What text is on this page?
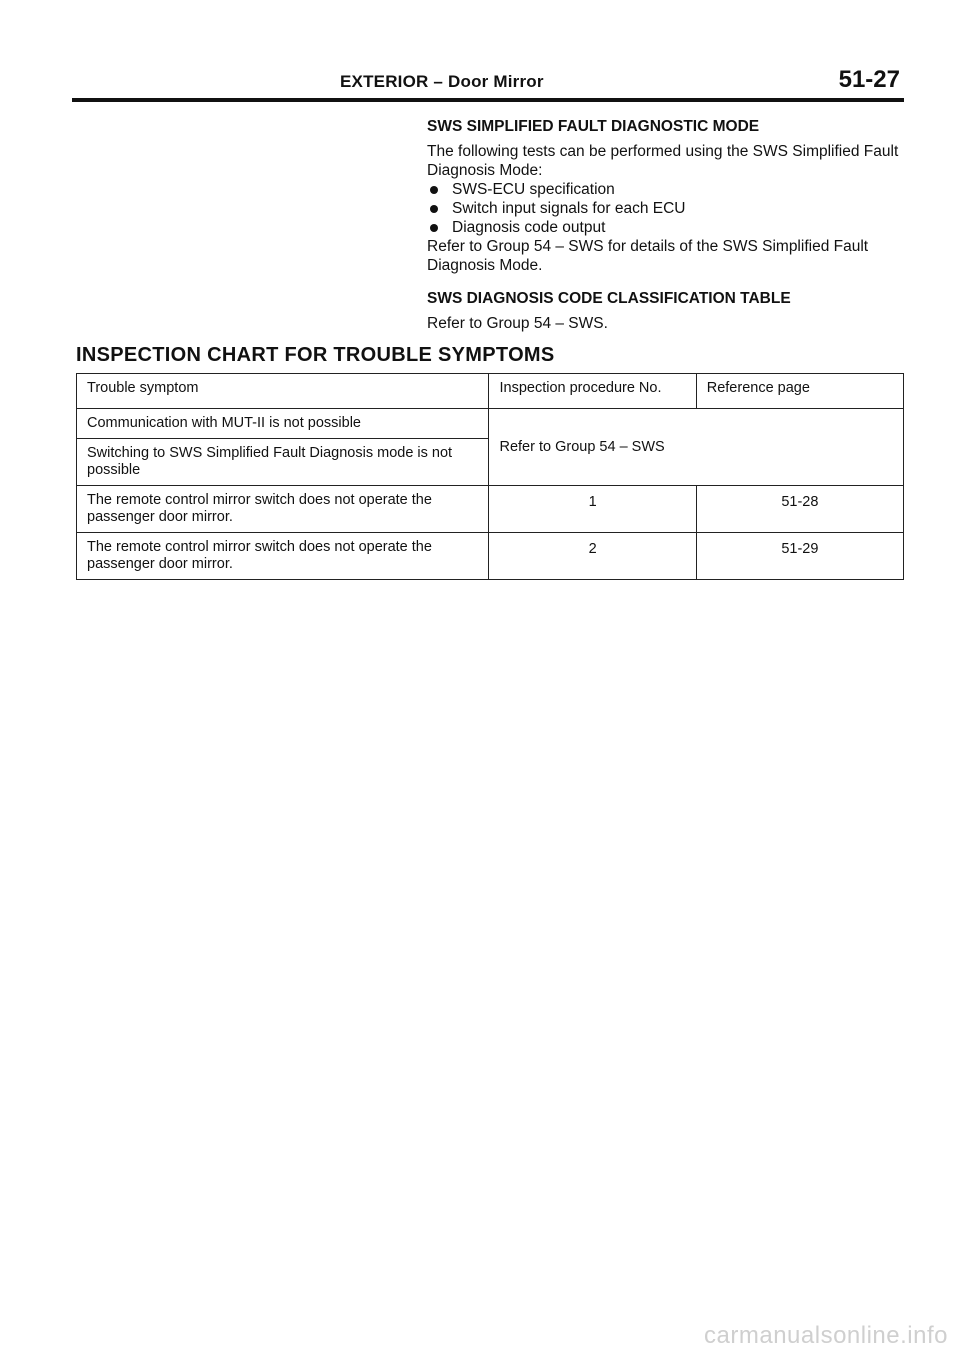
EXTERIOR – Door Mirror	51-27
SWS SIMPLIFIED FAULT DIAGNOSTIC MODE

The following tests can be performed using the SWS Simplified Fault Diagnosis Mode:

SWS-ECU specification
Switch input signals for each ECU
Diagnosis code output

Refer to Group 54 – SWS for details of the SWS Simplified Fault Diagnosis Mode.

SWS DIAGNOSIS CODE CLASSIFICATION TABLE

Refer to Group 54 – SWS.

INSPECTION CHART FOR TROUBLE SYMPTOMS
Trouble symptom	Inspection procedure No.	Reference page
Communication with MUT-II is not possible	Refer to Group 54 – SWS	
Switching to SWS Simplified Fault Diagnosis mode is not possible		
The remote control mirror switch does not operate the passenger door mirror.	1	51-28
The remote control mirror switch does not operate the passenger door mirror.	2	51-29
carmanualsonline.info
